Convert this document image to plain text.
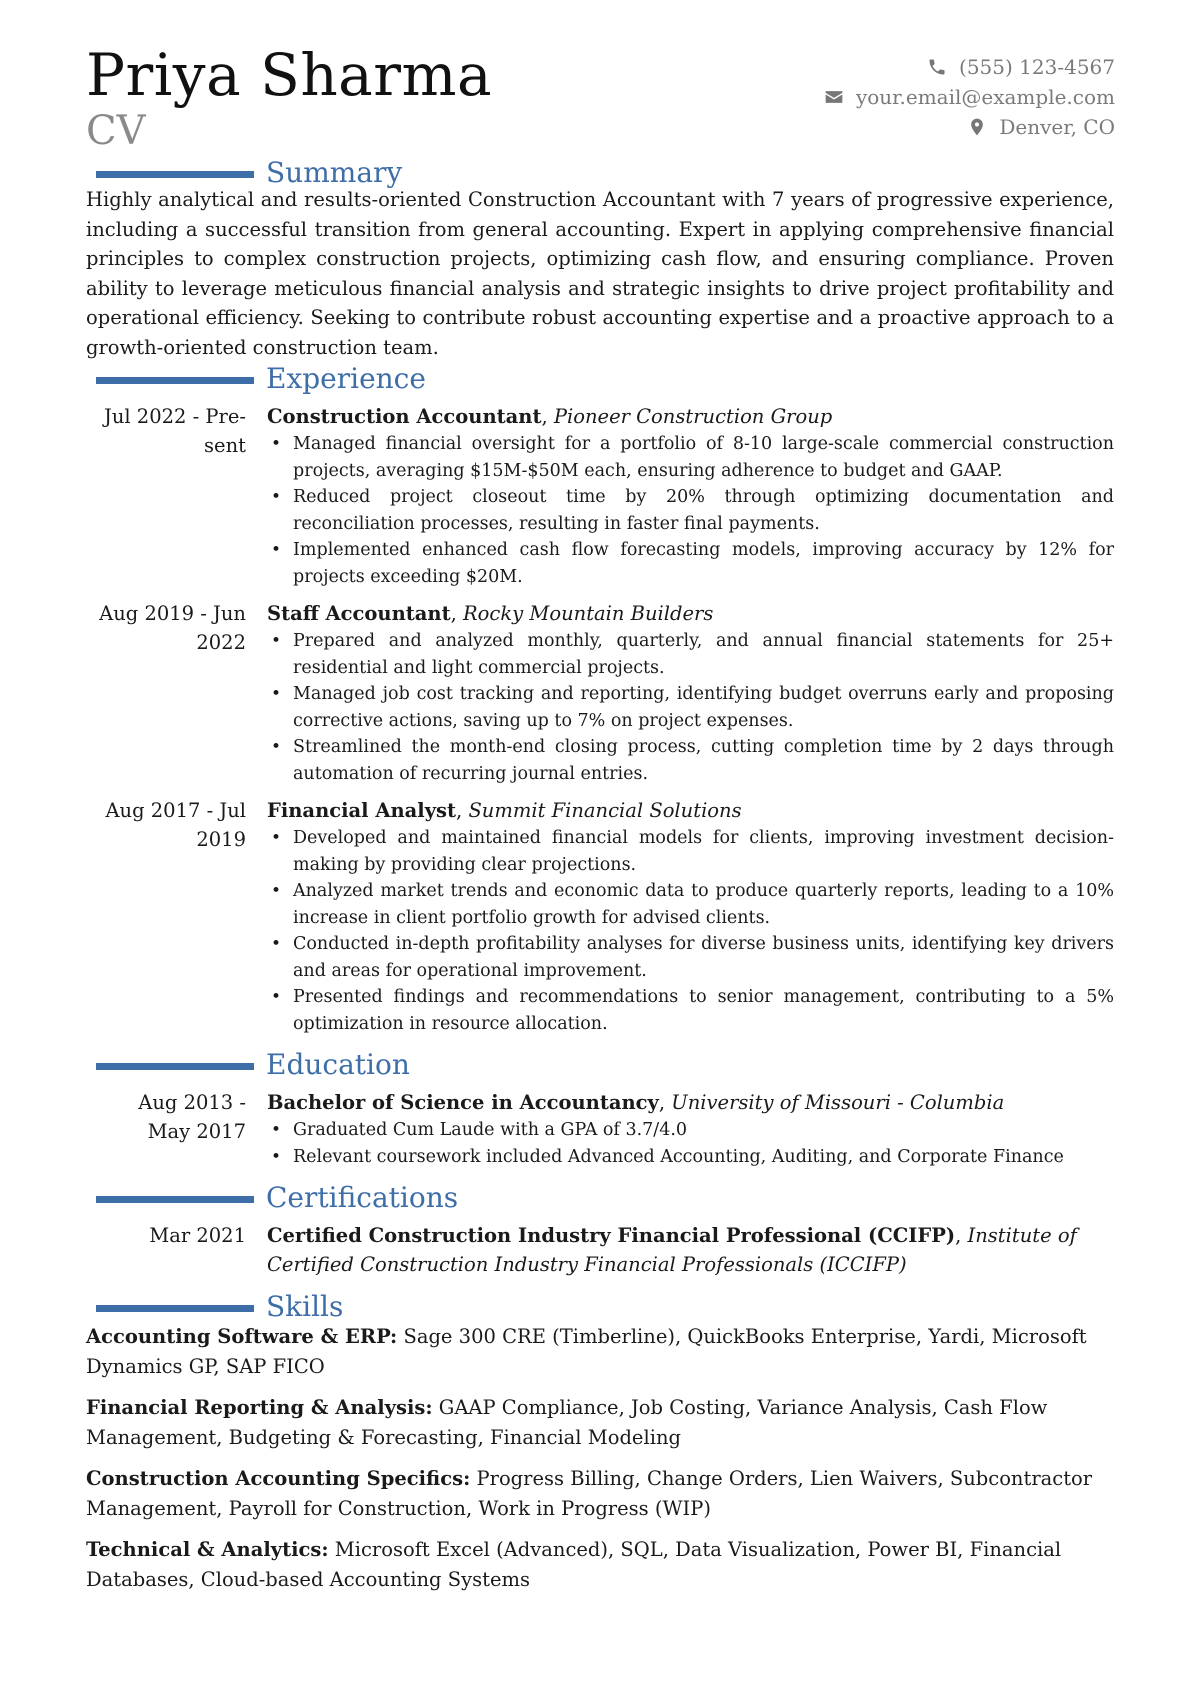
Priya Sharma
CV
(555) 123-4567
your.email@example.com
Denver, CO
Summary

Highly analytical and results-oriented Construction Accountant with 7 years of progressive experience, including a successful transition from general accounting. Expert in applying comprehensive financial principles to complex construction projects, optimizing cash flow, and ensuring compliance. Proven ability to leverage meticulous financial analysis and strategic insights to drive project profitability and operational efficiency. Seeking to contribute robust accounting expertise and a proactive approach to a growth-oriented construction team.

Experience
Jul 2022 - Pre-
sent

Construction Accountant, Pioneer Construction Group

• Managed financial oversight for a portfolio of 8-10 large-scale commercial construction projects, averaging $15M-$50M each, ensuring adherence to budget and GAAP.
• Reduced project closeout time by 20% through optimizing documentation and reconciliation processes, resulting in faster final payments.
• Implemented enhanced cash flow forecasting models, improving accuracy by 12% for projects exceeding $20M.
Aug 2019 - Jun
2022

Staff Accountant, Rocky Mountain Builders

• Prepared and analyzed monthly, quarterly, and annual financial statements for 25+ residential and light commercial projects.
• Managed job cost tracking and reporting, identifying budget overruns early and proposing corrective actions, saving up to 7% on project expenses.
• Streamlined the month-end closing process, cutting completion time by 2 days through automation of recurring journal entries.
Aug 2017 - Jul
2019

Financial Analyst, Summit Financial Solutions

• Developed and maintained financial models for clients, improving investment decision-making by providing clear projections.
• Analyzed market trends and economic data to produce quarterly reports, leading to a 10% increase in client portfolio growth for advised clients.
• Conducted in-depth profitability analyses for diverse business units, identifying key drivers and areas for operational improvement.
• Presented findings and recommendations to senior management, contributing to a 5% optimization in resource allocation.
Education
Aug 2013 -
May 2017

Bachelor of Science in Accountancy, University of Missouri - Columbia

• Graduated Cum Laude with a GPA of 3.7/4.0
• Relevant coursework included Advanced Accounting, Auditing, and Corporate Finance
Certifications
Mar 2021 Certified Construction Industry Financial Professional (CCIFP), Institute of Certified Construction Industry Financial Professionals (ICCIFP)

Skills

Accounting Software & ERP: Sage 300 CRE (Timberline), QuickBooks Enterprise, Yardi, Microsoft Dynamics GP, SAP FICO

Financial Reporting & Analysis: GAAP Compliance, Job Costing, Variance Analysis, Cash Flow Management, Budgeting & Forecasting, Financial Modeling

Construction Accounting Specifics: Progress Billing, Change Orders, Lien Waivers, Subcontractor Management, Payroll for Construction, Work in Progress (WIP)

Technical & Analytics: Microsoft Excel (Advanced), SQL, Data Visualization, Power BI, Financial Databases, Cloud-based Accounting Systems
